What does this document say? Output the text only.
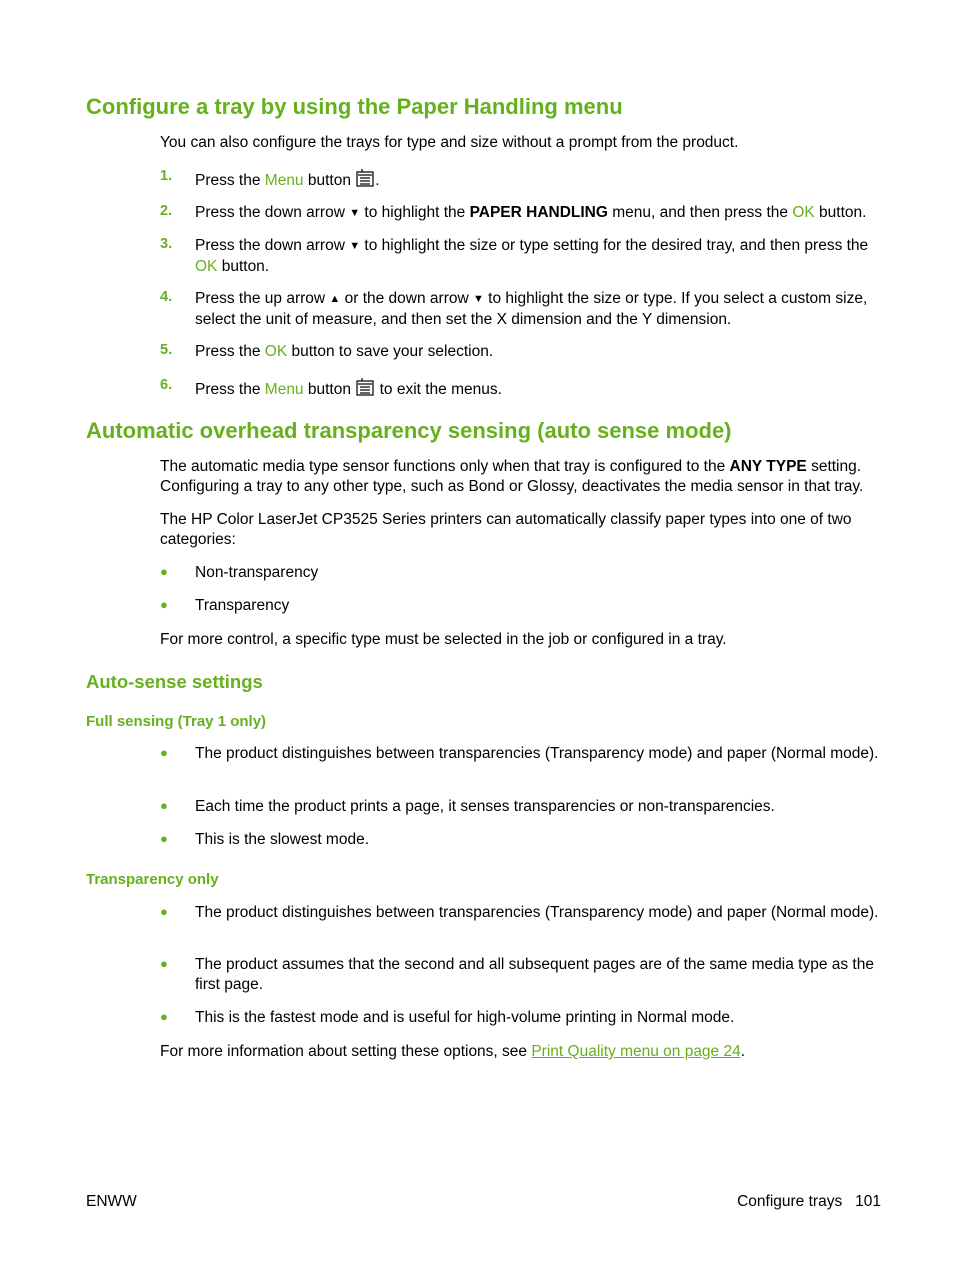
Configure a tray by using the Paper Handling menu

You can also configure the trays for type and size without a prompt from the product.

1. Press the Menu button .

2. Press the down arrow ▼ to highlight the PAPER HANDLING menu, and then press the OK button.

3. Press the down arrow ▼ to highlight the size or type setting for the desired tray, and then press the OK button.

4. Press the up arrow ▲ or the down arrow ▼ to highlight the size or type. If you select a custom size, select the unit of measure, and then set the X dimension and the Y dimension.

5. Press the OK button to save your selection.

6. Press the Menu button  to exit the menus.

Automatic overhead transparency sensing (auto sense mode)

The automatic media type sensor functions only when that tray is configured to the ANY TYPE setting. Configuring a tray to any other type, such as Bond or Glossy, deactivates the media sensor in that tray.

The HP Color LaserJet CP3525 Series printers can automatically classify paper types into one of two categories:

● Non-transparency

● Transparency

For more control, a specific type must be selected in the job or configured in a tray.

Auto-sense settings
Full sensing (Tray 1 only)
● The product distinguishes between transparencies (Transparency mode) and paper (Normal mode).

● Each time the product prints a page, it senses transparencies or non-transparencies.

● This is the slowest mode.

Transparency only
● The product distinguishes between transparencies (Transparency mode) and paper (Normal mode).

● The product assumes that the second and all subsequent pages are of the same media type as the first page.

● This is the fastest mode and is useful for high-volume printing in Normal mode.

For more information about setting these options, see Print Quality menu on page 24.

ENWW	Configure trays 101
